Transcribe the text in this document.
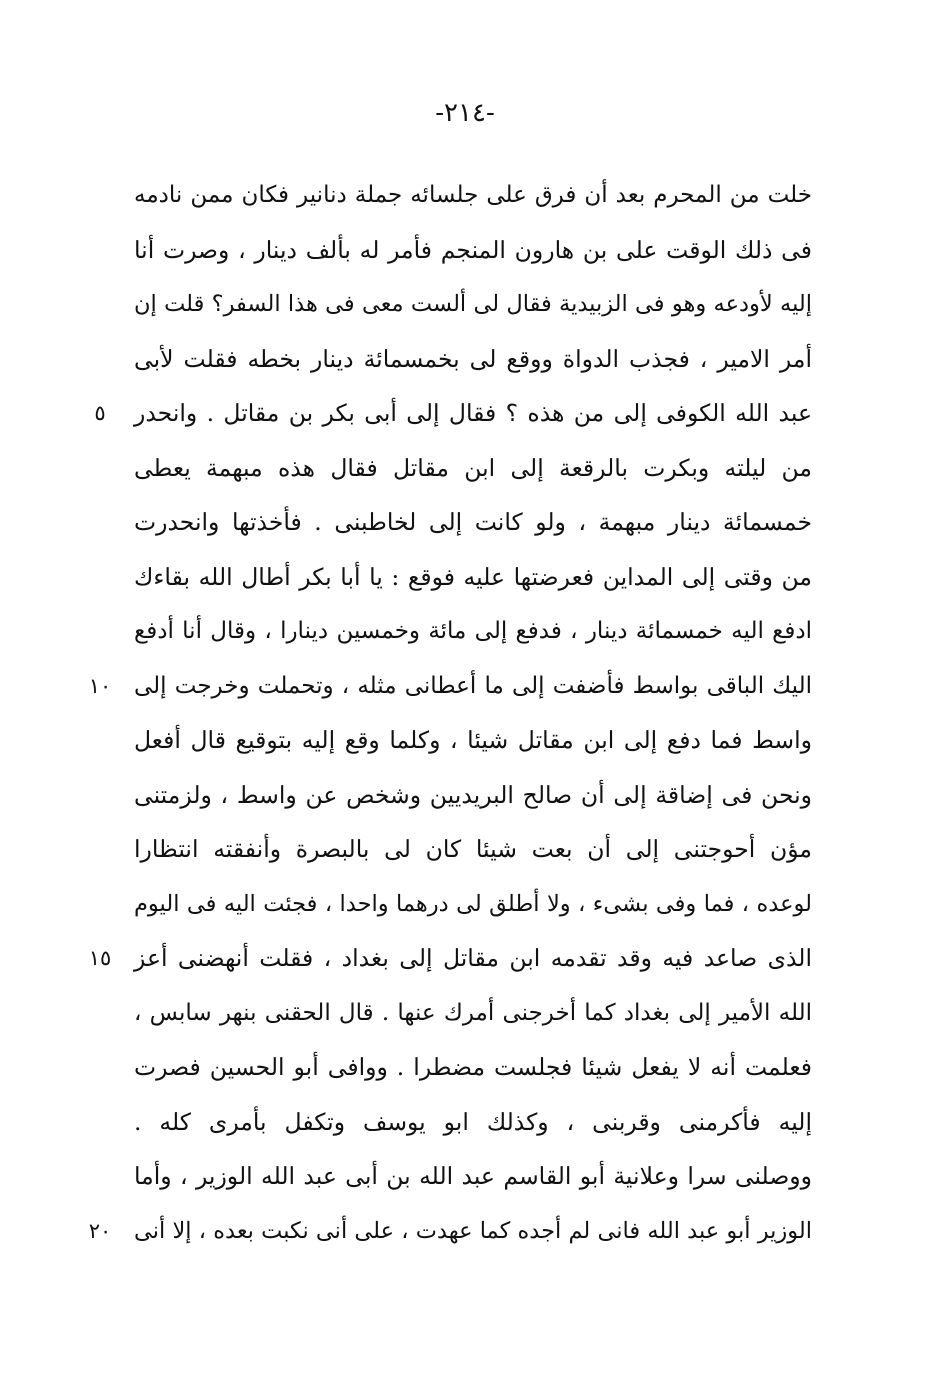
-٢١٤-
خلت من المحرم بعد أن فرق على جلسائه جملة دنانير فكان ممن نادمه
فى ذلك الوقت على بن هارون المنجم فأمر له بألف دينار ، وصرت أنا
إليه لأودعه وهو فى الزبيدية فقال لى ألست معى فى هذا السفر؟ قلت إن
أمر الامير ، فجذب الدواة ووقع لى بخمسمائة دينار بخطه فقلت لأبى
عبد الله الكوفى إلى من هذه ؟ فقال إلى أبى بكر بن مقاتل . وانحدر
٥
من ليلته وبكرت بالرقعة إلى ابن مقاتل فقال هذه مبهمة يعطى
خمسمائة دينار مبهمة ، ولو كانت إلى لخاطبنى . فأخذتها وانحدرت
من وقتى إلى المداين فعرضتها عليه فوقع : يا أبا بكر أطال الله بقاءك
ادفع اليه خمسمائة دينار ، فدفع إلى مائة وخمسين دينارا ، وقال أنا أدفع
اليك الباقى بواسط فأضفت إلى ما أعطانى مثله ، وتحملت وخرجت إلى
١٠
واسط فما دفع إلى ابن مقاتل شيئا ، وكلما وقع إليه بتوقيع قال أفعل
ونحن فى إضاقة إلى أن صالح البريديين وشخص عن واسط ، ولزمتنى
مؤن أحوجتنى إلى أن بعت شيئا كان لى بالبصرة وأنفقته انتظارا
لوعده ، فما وفى بشىء ، ولا أطلق لى درهما واحدا ، فجئت اليه فى اليوم
الذى صاعد فيه وقد تقدمه ابن مقاتل إلى بغداد ، فقلت أنهضنى أعز
١٥
الله الأمير إلى بغداد كما أخرجنى أمرك عنها . قال الحقنى بنهر سابس ،
فعلمت أنه لا يفعل شيئا فجلست مضطرا . ووافى أبو الحسين فصرت
إليه فأكرمنى وقربنى ، وكذلك ابو يوسف وتكفل بأمرى كله .
ووصلنى سرا وعلانية أبو القاسم عبد الله بن أبى عبد الله الوزير ، وأما
الوزير أبو عبد الله فانى لم أجده كما عهدت ، على أنى نكبت بعده ، إلا أنى
٢٠
